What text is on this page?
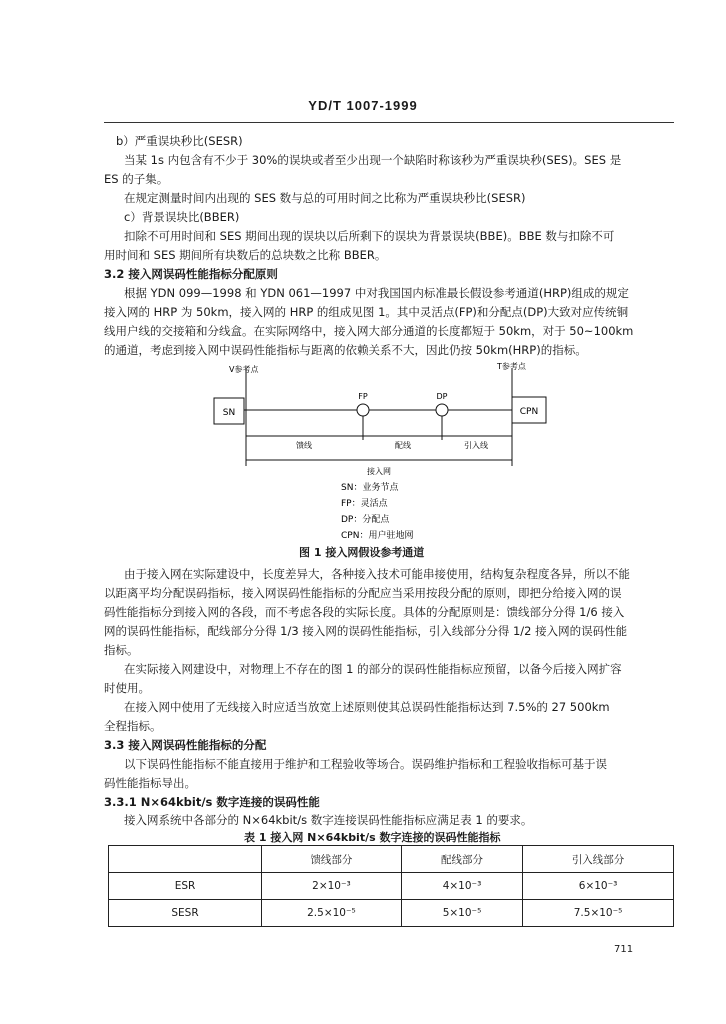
YD/T 1007-1999
b）严重误块秒比(SESR)
当某 1s 内包含有不少于 30%的误块或者至少出现一个缺陷时称该秒为严重误块秒(SES)。SES 是
ES 的子集。
在规定测量时间内出现的 SES 数与总的可用时间之比称为严重误块秒比(SESR)
c）背景误块比(BBER)
扣除不可用时间和 SES 期间出现的误块以后所剩下的误块为背景误块(BBE)。BBE 数与扣除不可
用时间和 SES 期间所有块数后的总块数之比称 BBER。
3.2 接入网误码性能指标分配原则
根据 YDN 099—1998 和 YDN 061—1997 中对我国国内标准最长假设参考通道(HRP)组成的规定
接入网的 HRP 为 50km，接入网的 HRP 的组成见图 1。其中灵活点(FP)和分配点(DP)大致对应传统铜
线用户线的交接箱和分线盒。在实际网络中，接入网大部分通道的长度都短于 50km，对于 50~100km
的通道，考虑到接入网中误码性能指标与距离的依赖关系不大，因此仍按 50km(HRP)的指标。
V参考点	T参考点
SN	CPN
FP	DP
馈线	配线	引入线
接入网
SN：业务节点
FP：灵活点
DP：分配点
CPN：用户驻地网
图 1 接入网假设参考通道
由于接入网在实际建设中，长度差异大，各种接入技术可能串接使用，结构复杂程度各异，所以不能
以距离平均分配误码指标，接入网误码性能指标的分配应当采用按段分配的原则，即把分给接入网的误
码性能指标分到接入网的各段，而不考虑各段的实际长度。具体的分配原则是：馈线部分分得 1/6 接入
网的误码性能指标，配线部分分得 1/3 接入网的误码性能指标，引入线部分分得 1/2 接入网的误码性能
指标。
在实际接入网建设中，对物理上不存在的图 1 的部分的误码性能指标应预留，以备今后接入网扩容
时使用。
在接入网中使用了无线接入时应适当放宽上述原则使其总误码性能指标达到 7.5%的 27 500km
全程指标。
3.3 接入网误码性能指标的分配
以下误码性能指标不能直接用于维护和工程验收等场合。误码维护指标和工程验收指标可基于误
码性能指标导出。
3.3.1 N×64kbit/s 数字连接的误码性能
接入网系统中各部分的 N×64kbit/s 数字连接误码性能指标应满足表 1 的要求。
表 1 接入网 N×64kbit/s 数字连接的误码性能指标
	馈线部分	配线部分	引入线部分
ESR	2×10⁻³	4×10⁻³	6×10⁻³
SESR	2.5×10⁻⁵	5×10⁻⁵	7.5×10⁻⁵
711
